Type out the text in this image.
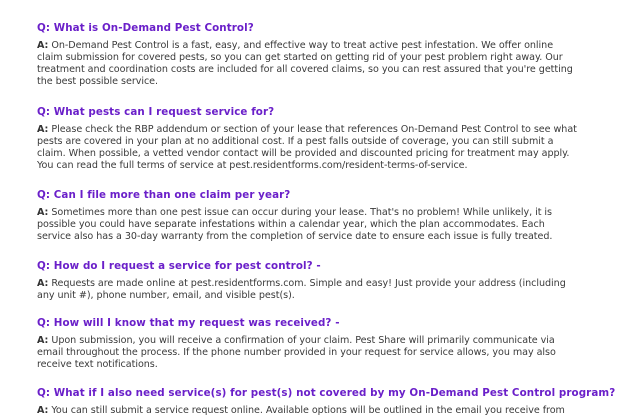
Q: What is On-Demand Pest Control?
A: On-Demand Pest Control is a fast, easy, and effective way to treat active pest infestation. We offer online
claim submission for covered pests, so you can get started on getting rid of your pest problem right away. Our
treatment and coordination costs are included for all covered claims, so you can rest assured that you're getting
the best possible service.
Q: What pests can I request service for?
A: Please check the RBP addendum or section of your lease that references On-Demand Pest Control to see what
pests are covered in your plan at no additional cost. If a pest falls outside of coverage, you can still submit a
claim. When possible, a vetted vendor contact will be provided and discounted pricing for treatment may apply.
You can read the full terms of service at pest.residentforms.com/resident-terms-of-service.
Q: Can I file more than one claim per year?
A: Sometimes more than one pest issue can occur during your lease. That's no problem! While unlikely, it is
possible you could have separate infestations within a calendar year, which the plan accommodates. Each
service also has a 30-day warranty from the completion of service date to ensure each issue is fully treated.
Q: How do I request a service for pest control? -
A: Requests are made online at pest.residentforms.com. Simple and easy! Just provide your address (including
any unit #), phone number, email, and visible pest(s).
Q: How will I know that my request was received? -
A: Upon submission, you will receive a confirmation of your claim. Pest Share will primarily communicate via
email throughout the process. If the phone number provided in your request for service allows, you may also
receive text notifications.
Q: What if I also need service(s) for pest(s) not covered by my On-Demand Pest Control program?
A: You can still submit a service request online. Available options will be outlined in the email you receive from
